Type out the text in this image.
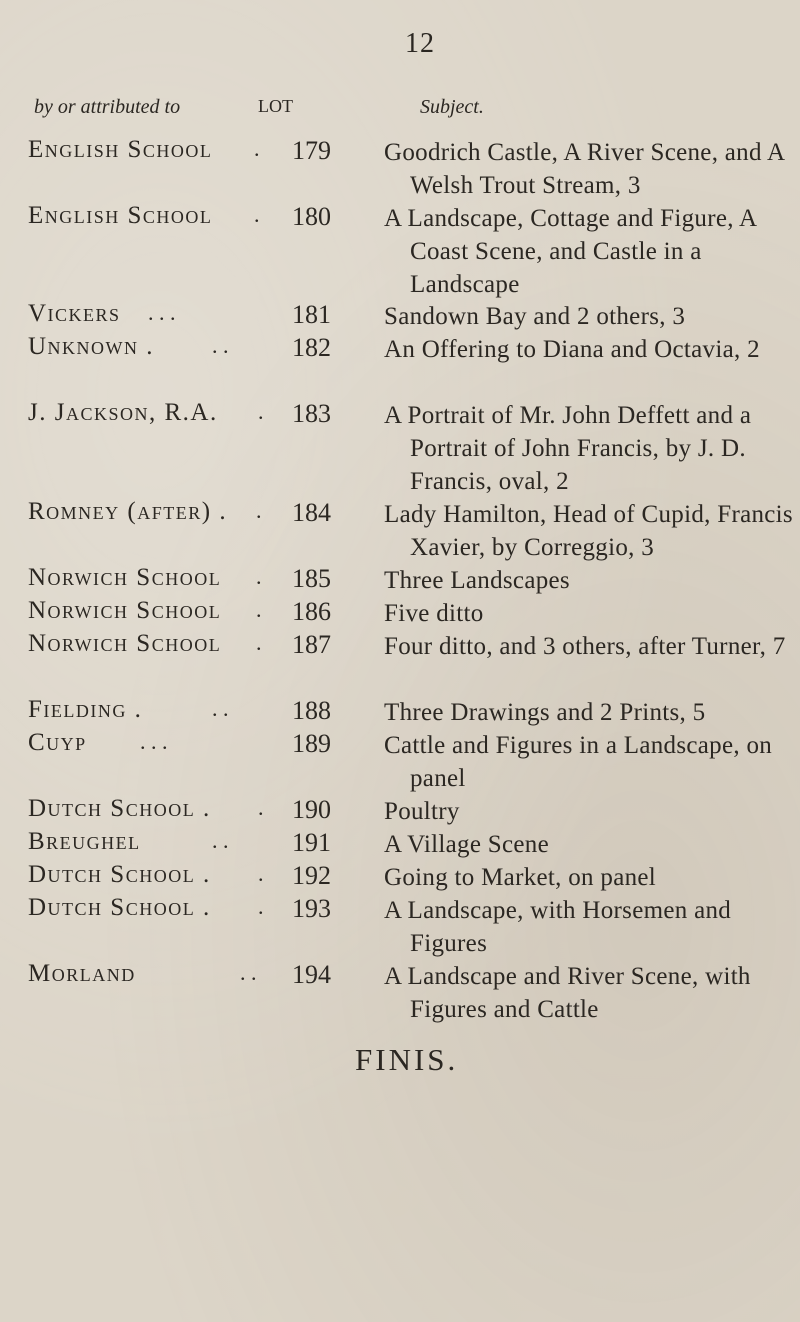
12
by or attributed to	LOT	Subject.
English School . 179	Goodrich Castle, A River Scene, and A Welsh Trout Stream, 3
English School . 180	A Landscape, Cottage and Figure, A Coast Scene, and Castle in a Landscape
Vickers . . .	181	Sandown Bay and 2 others, 3
Unknown .	. . 182	An Offering to Diana and Octavia, 2
J. Jackson, R.A. . 183	A Portrait of Mr. John Deffett and a Portrait of John Francis, by J. D. Francis, oval, 2
Romney (after) . . 184	Lady Hamilton, Head of Cupid, Francis Xavier, by Correggio, 3
Norwich School . 185	Three Landscapes
Norwich School . 186	Five ditto
Norwich School . 187	Four ditto, and 3 others, after Turner, 7
Fielding .	. . 188	Three Drawings and 2 Prints, 5
Cuyp . . .	189	Cattle and Figures in a Landscape, on panel
Dutch School . . 190	Poultry
Breughel	. . 191	A Village Scene
Dutch School . . 192	Going to Market, on panel
Dutch School . . 193	A Landscape, with Horsemen and Figures
Morland	. . 194	A Landscape and River Scene, with Figures and Cattle
FINIS.
